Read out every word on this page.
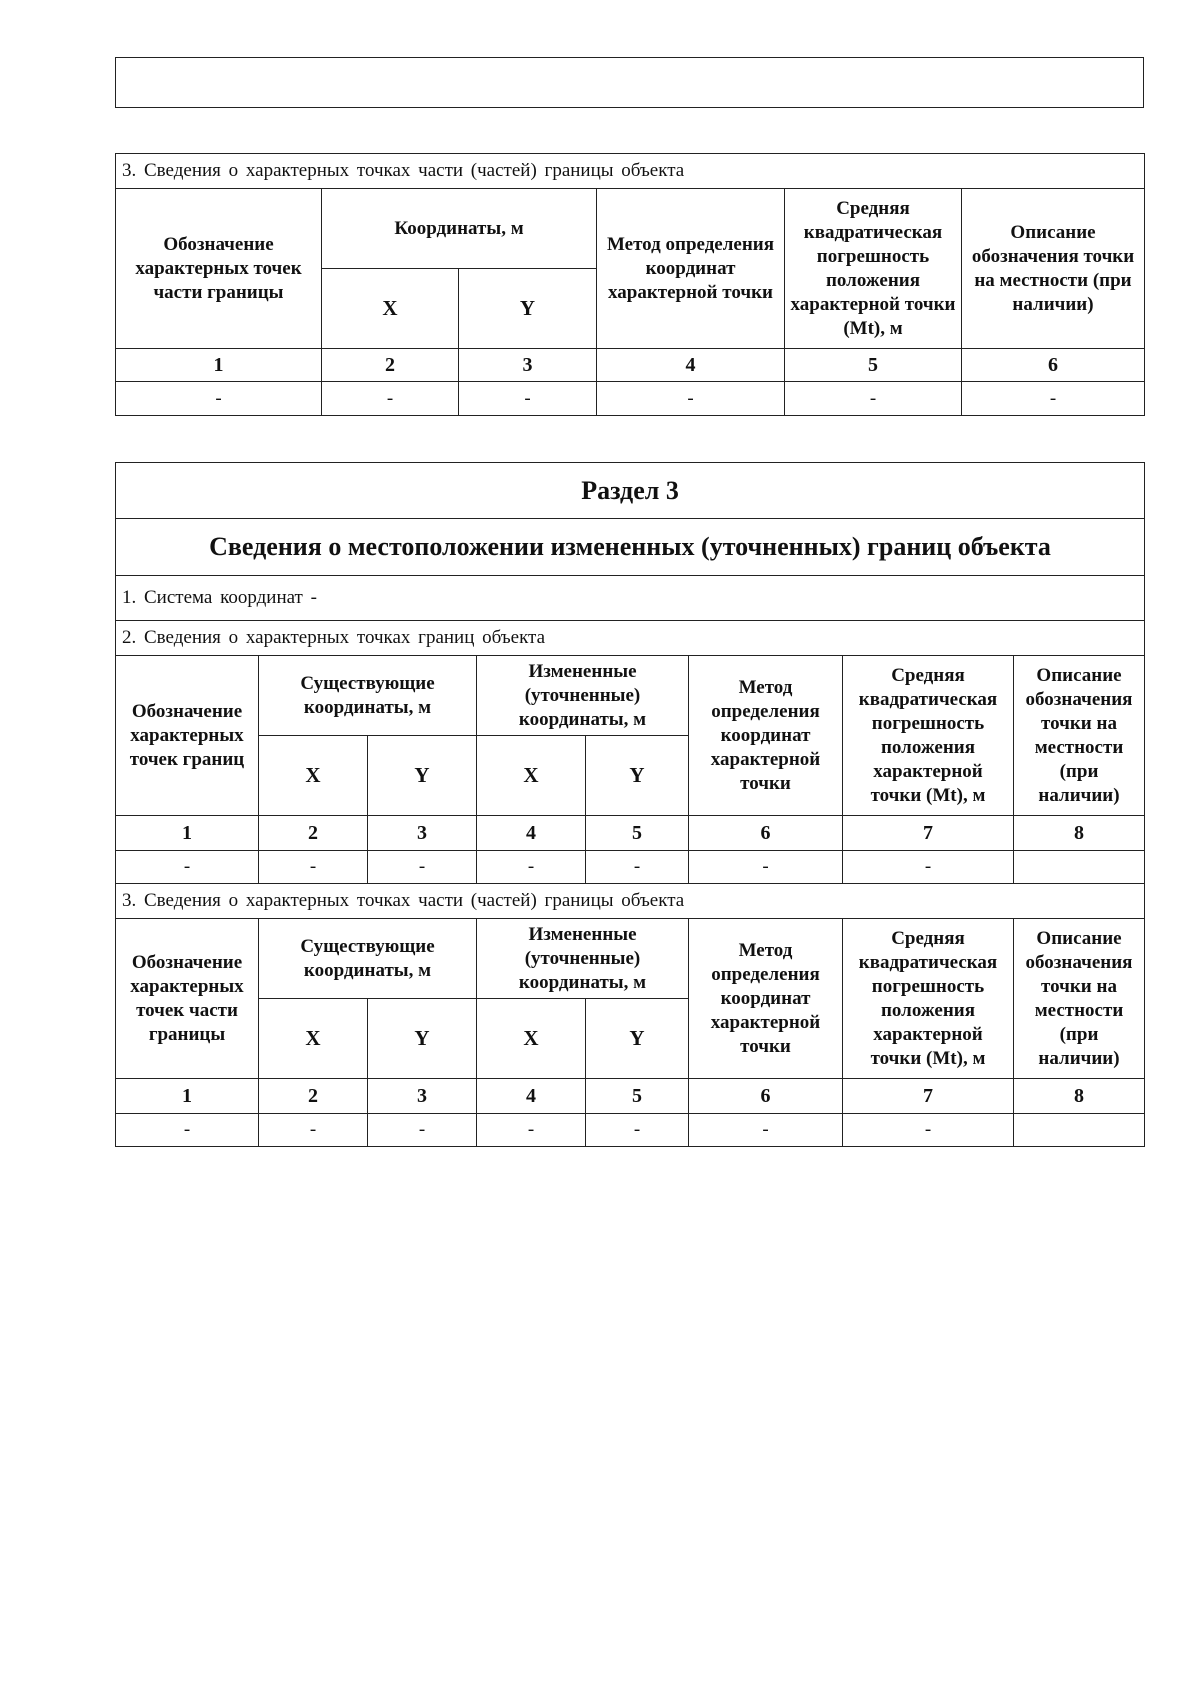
3. Сведения о характерных точках части (частей) границы объекта					
Обозначение характерных точек части границы	Координаты, м		Метод определения координат характерной точки	Средняя квадратическая погрешность положения характерной точки (Mt), м	Описание обозначения точки на местности (при наличии)
	X	Y			
1	2	3	4	5	6
-	-	-	-	-	-
Раздел 3							
Сведения о местоположении измененных (уточненных) границ объекта							
1. Система координат -							
2. Сведения о характерных точках границ объекта							
Обозначение характерных точек границ	Существующие координаты, м		Измененные (уточненные) координаты, м		Метод определения координат характерной точки	Средняя квадратическая погрешность положения характерной точки (Mt), м	Описание обозначения точки на местности (при наличии)
	X	Y	X	Y			
1	2	3	4	5	6	7	8
-	-	-	-	-	-	-	
3. Сведения о характерных точках части (частей) границы объекта							
Обозначение характерных точек части границы	Существующие координаты, м		Измененные (уточненные) координаты, м		Метод определения координат характерной точки	Средняя квадратическая погрешность положения характерной точки (Mt), м	Описание обозначения точки на местности (при наличии)
	X	Y	X	Y			
1	2	3	4	5	6	7	8
-	-	-	-	-	-	-	
